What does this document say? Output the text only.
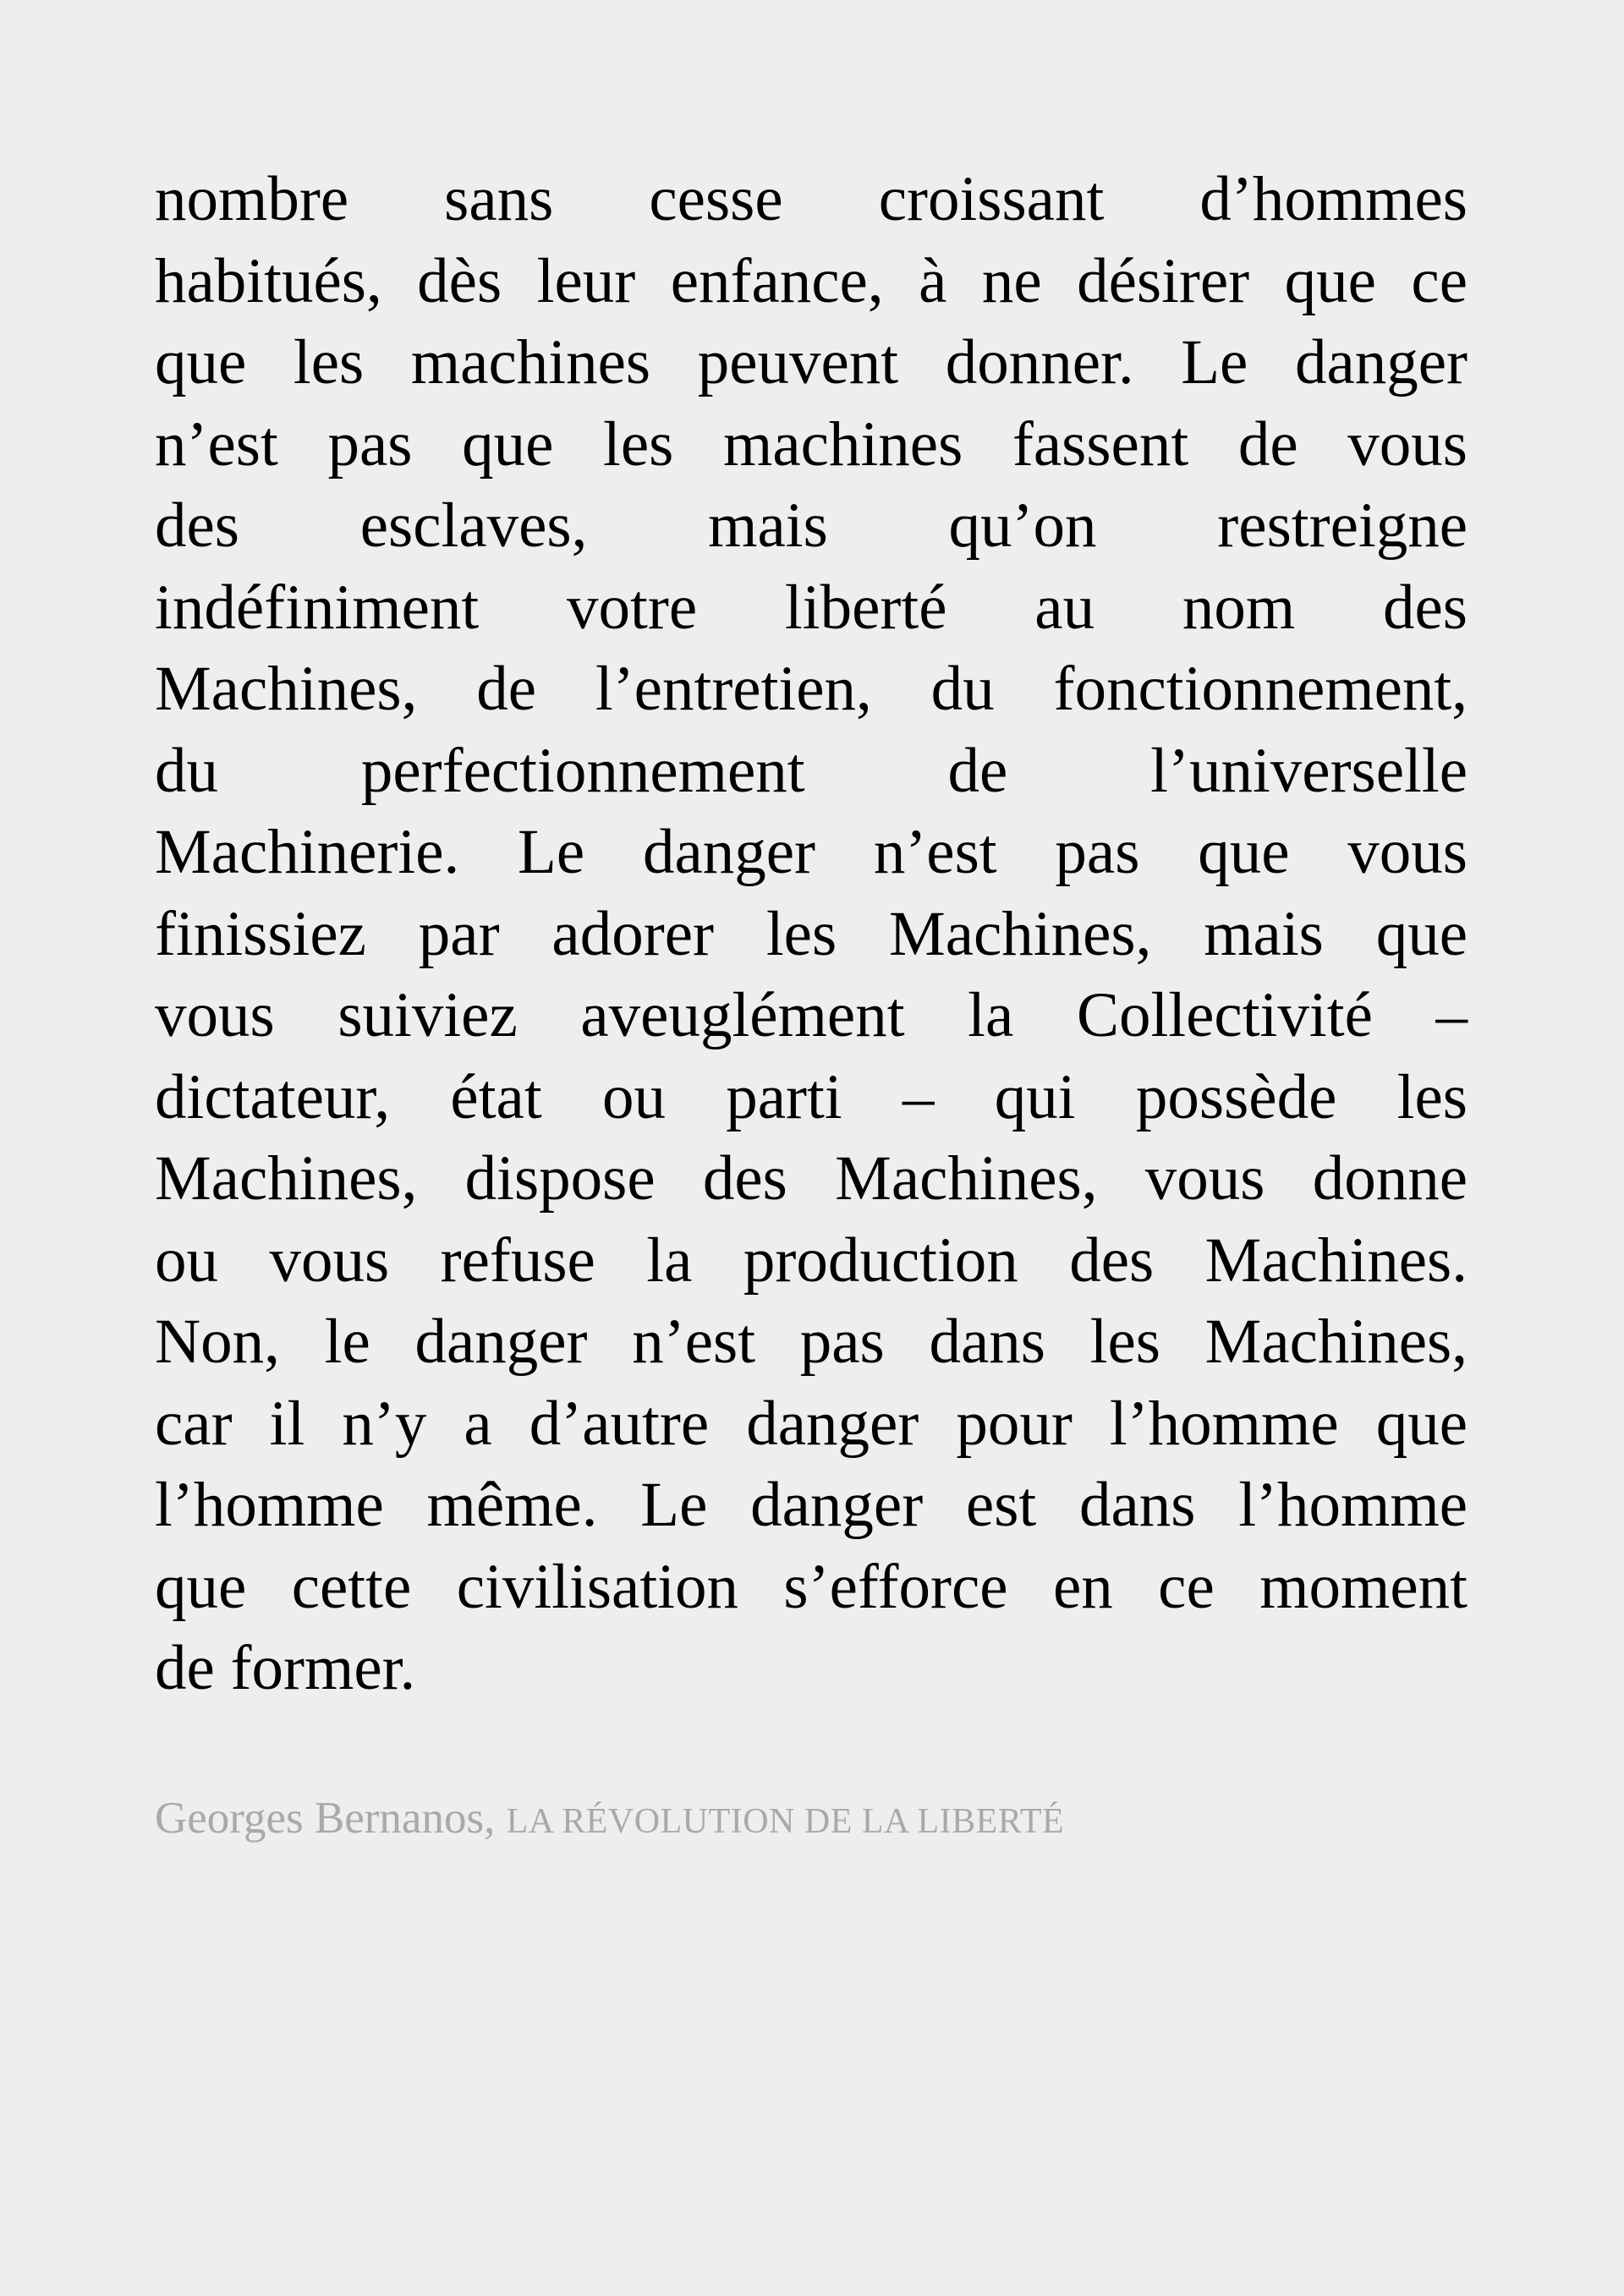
nombre sans cesse croissant d’hommes
habitués, dès leur enfance, à ne désirer que ce
que les machines peuvent donner. Le danger
n’est pas que les machines fassent de vous
des esclaves, mais qu’on restreigne
indéfiniment votre liberté au nom des
Machines, de l’entretien, du fonctionnement,
du perfectionnement de l’universelle
Machinerie. Le danger n’est pas que vous
finissiez par adorer les Machines, mais que
vous suiviez aveuglément la Collectivité –
dictateur, état ou parti – qui possède les
Machines, dispose des Machines, vous donne
ou vous refuse la production des Machines.
Non, le danger n’est pas dans les Machines,
car il n’y a d’autre danger pour l’homme que
l’homme même. Le danger est dans l’homme
que cette civilisation s’efforce en ce moment
de former.
Georges Bernanos, LA RÉVOLUTION DE LA LIBERTÉ
